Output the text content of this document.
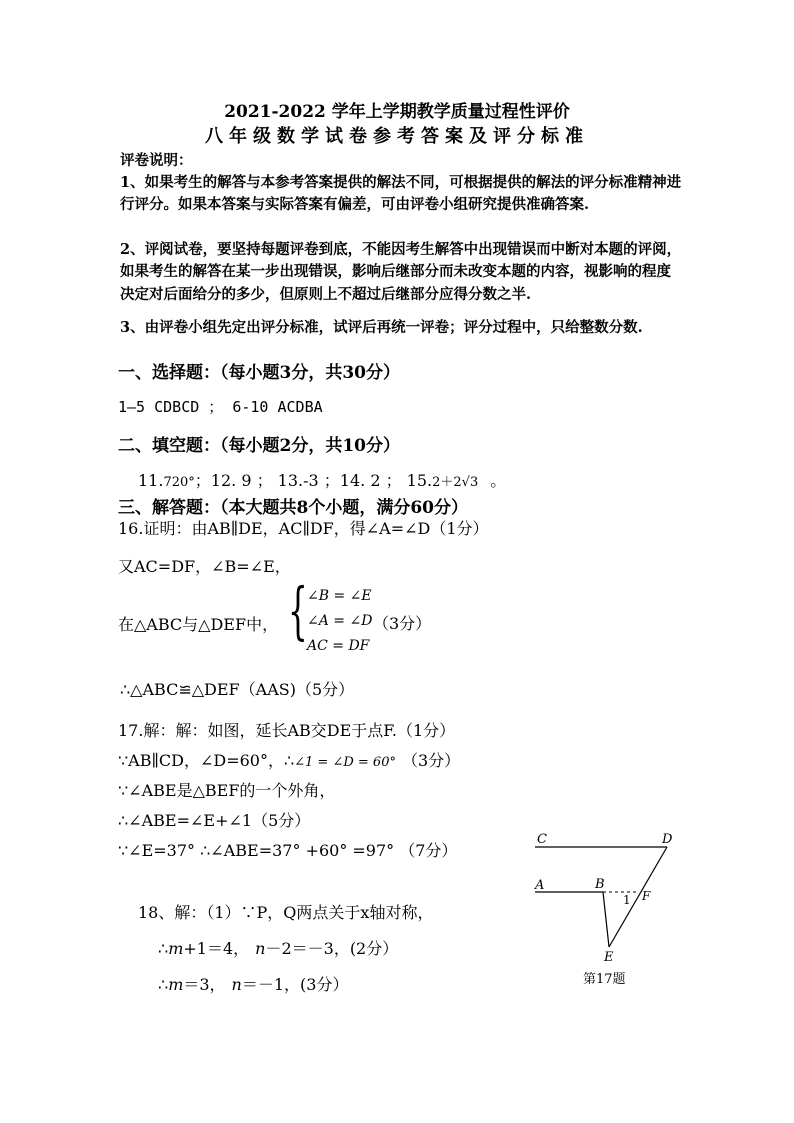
2021-2022 学年上学期教学质量过程性评价
八年级数学试卷参考答案及评分标准
评卷说明：
1、如果考生的解答与本参考答案提供的解法不同，可根据提供的解法的评分标准精神进行评分。如果本答案与实际答案有偏差，可由评卷小组研究提供准确答案.
2、评阅试卷，要坚持每题评卷到底，不能因考生解答中出现错误而中断对本题的评阅，如果考生的解答在某一步出现错误，影响后继部分而未改变本题的内容，视影响的程度决定对后面给分的多少，但原则上不超过后继部分应得分数之半.
3、由评卷小组先定出评分标准，试评后再统一评卷；评分过程中，只给整数分数.
一、选择题：（每小题3分，共30分）
1—5 CDBCD ； 6-10 ACDBA
二、填空题：（每小题2分，共10分）
11.720°；12. 9 ； 13.-3 ；14. 2 ； 15.2＋2√3 。
三、解答题：（本大题共8个小题，满分60分）
16.证明：由AB∥DE，AC∥DF，得∠A=∠D（1分）
又AC=DF，∠B=∠E，
在△ABC与△DEF中， { ∠B = ∠E
∠A = ∠D （3分）
AC = DF
∴△ABC≌△DEF（AAS)（5分）
17.解：解：如图，延长AB交DE于点F.（1分）
∵AB∥CD，∠D=60°，∴∠1 = ∠D = 60° （3分）
∵∠ABE是△BEF的一个外角，
∴∠ABE=∠E+∠1（5分）
∵∠E=37° ∴∠ABE=37° +60° =97° （7分）
18、解：（1）∵P，Q两点关于x轴对称，
∴m+1＝4， n－2＝－3，(2分）
∴m＝3， n＝－1，(3分）
C	D
A	B
1 F
E
第17题
